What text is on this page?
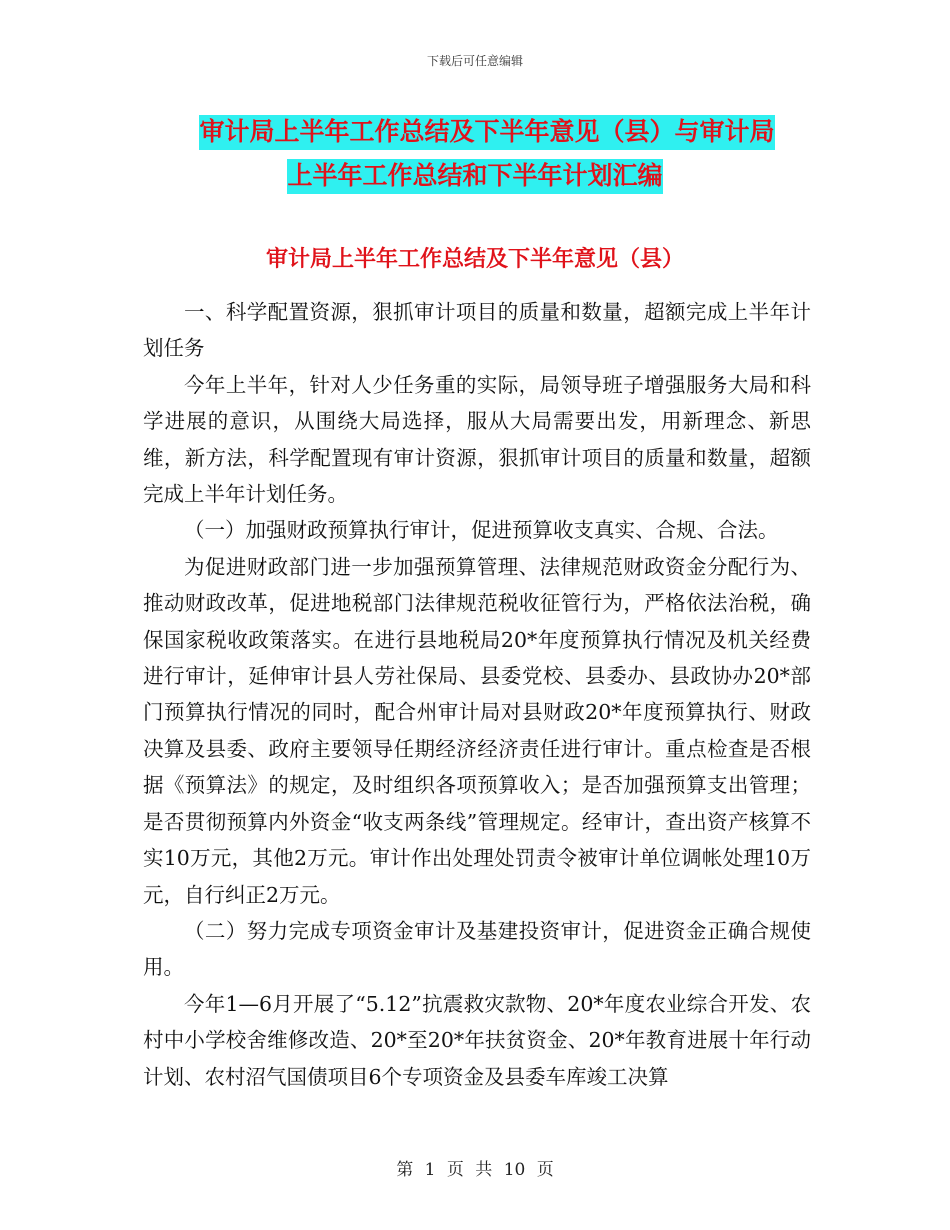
下载后可任意编辑
审计局上半年工作总结及下半年意见（县）与审计局
上半年工作总结和下半年计划汇编
审计局上半年工作总结及下半年意见（县）

一、科学配置资源，狠抓审计项目的质量和数量，超额完成上半年计划任务

今年上半年，针对人少任务重的实际，局领导班子增强服务大局和科学进展的意识，从围绕大局选择，服从大局需要出发，用新理念、新思维，新方法，科学配置现有审计资源，狠抓审计项目的质量和数量，超额完成上半年计划任务。

（一）加强财政预算执行审计，促进预算收支真实、合规、合法。

为促进财政部门进一步加强预算管理、法律规范财政资金分配行为、推动财政改革，促进地税部门法律规范税收征管行为，严格依法治税，确保国家税收政策落实。在进行县地税局20*年度预算执行情况及机关经费进行审计，延伸审计县人劳社保局、县委党校、县委办、县政协办20*部门预算执行情况的同时，配合州审计局对县财政20*年度预算执行、财政决算及县委、政府主要领导任期经济经济责任进行审计。重点检查是否根据《预算法》的规定，及时组织各项预算收入；是否加强预算支出管理；是否贯彻预算内外资金“收支两条线”管理规定。经审计，查出资产核算不实10万元，其他2万元。审计作出处理处罚责令被审计单位调帐处理10万元，自行纠正2万元。

（二）努力完成专项资金审计及基建投资审计，促进资金正确合规使用。

今年1—6月开展了“5.12”抗震救灾款物、20*年度农业综合开发、农村中小学校舍维修改造、20*至20*年扶贫资金、20*年教育进展十年行动计划、农村沼气国债项目6个专项资金及县委车库竣工决算

第 1 页 共 10 页
